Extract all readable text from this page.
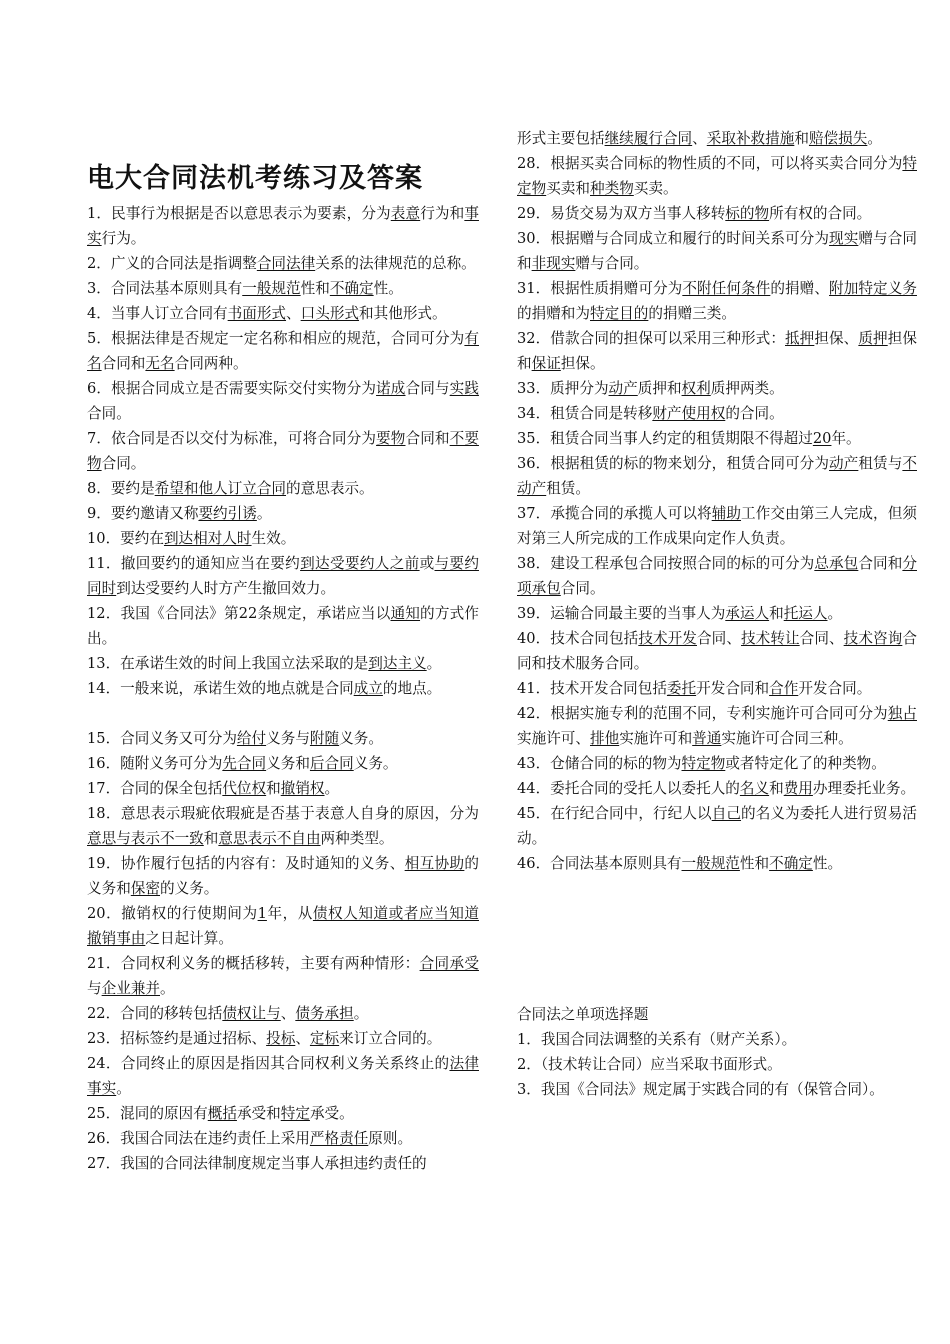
电大合同法机考练习及答案

1．民事行为根据是否以意思表示为要素，分为表意行为和事实行为。

2．广义的合同法是指调整合同法律关系的法律规范的总称。

3．合同法基本原则具有一般规范性和不确定性。

4．当事人订立合同有书面形式、口头形式和其他形式。

5．根据法律是否规定一定名称和相应的规范，合同可分为有名合同和无名合同两种。

6．根据合同成立是否需要实际交付实物分为诺成合同与实践合同。

7．依合同是否以交付为标准，可将合同分为要物合同和不要物合同。

8．要约是希望和他人订立合同的意思表示。

9．要约邀请又称要约引诱。

10．要约在到达相对人时生效。

11．撤回要约的通知应当在要约到达受要约人之前或与要约同时到达受要约人时方产生撤回效力。

12．我国《合同法》第22条规定，承诺应当以通知的方式作出。

13．在承诺生效的时间上我国立法采取的是到达主义。

14．一般来说，承诺生效的地点就是合同成立的地点。

15．合同义务又可分为给付义务与附随义务。

16．随附义务可分为先合同义务和后合同义务。

17．合同的保全包括代位权和撤销权。

18．意思表示瑕疵依瑕疵是否基于表意人自身的原因，分为意思与表示不一致和意思表示不自由两种类型。

19．协作履行包括的内容有：及时通知的义务、相互协助的义务和保密的义务。

20．撤销权的行使期间为1年，从债权人知道或者应当知道撤销事由之日起计算。

21．合同权利义务的概括移转，主要有两种情形：合同承受与企业兼并。

22．合同的移转包括债权让与、债务承担。

23．招标签约是通过招标、投标、定标来订立合同的。

24．合同终止的原因是指因其合同权利义务关系终止的法律事实。

25．混同的原因有概括承受和特定承受。

26．我国合同法在违约责任上采用严格责任原则。

27．我国的合同法律制度规定当事人承担违约责任的

形式主要包括继续履行合同、采取补救措施和赔偿损失。

28．根据买卖合同标的物性质的不同，可以将买卖合同分为特定物买卖和种类物买卖。

29．易货交易为双方当事人移转标的物所有权的合同。

30．根据赠与合同成立和履行的时间关系可分为现实赠与合同和非现实赠与合同。

31．根据性质捐赠可分为不附任何条件的捐赠、附加特定义务的捐赠和为特定目的的捐赠三类。

32．借款合同的担保可以采用三种形式：抵押担保、质押担保和保证担保。

33．质押分为动产质押和权利质押两类。

34．租赁合同是转移财产使用权的合同。

35．租赁合同当事人约定的租赁期限不得超过20年。

36．根据租赁的标的物来划分，租赁合同可分为动产租赁与不动产租赁。

37．承揽合同的承揽人可以将辅助工作交由第三人完成，但须对第三人所完成的工作成果向定作人负责。

38．建设工程承包合同按照合同的标的可分为总承包合同和分项承包合同。

39．运输合同最主要的当事人为承运人和托运人。

40．技术合同包括技术开发合同、技术转让合同、技术咨询合同和技术服务合同。

41．技术开发合同包括委托开发合同和合作开发合同。

42．根据实施专利的范围不同，专利实施许可合同可分为独占实施许可、排他实施许可和普通实施许可合同三种。

43．仓储合同的标的物为特定物或者特定化了的种类物。

44．委托合同的受托人以委托人的名义和费用办理委托业务。

45．在行纪合同中，行纪人以自己的名义为委托人进行贸易活动。

46．合同法基本原则具有一般规范性和不确定性。

合同法之单项选择题

1．我国合同法调整的关系有（财产关系）。

2．（技术转让合同）应当采取书面形式。

3．我国《合同法》规定属于实践合同的有（保管合同）。
